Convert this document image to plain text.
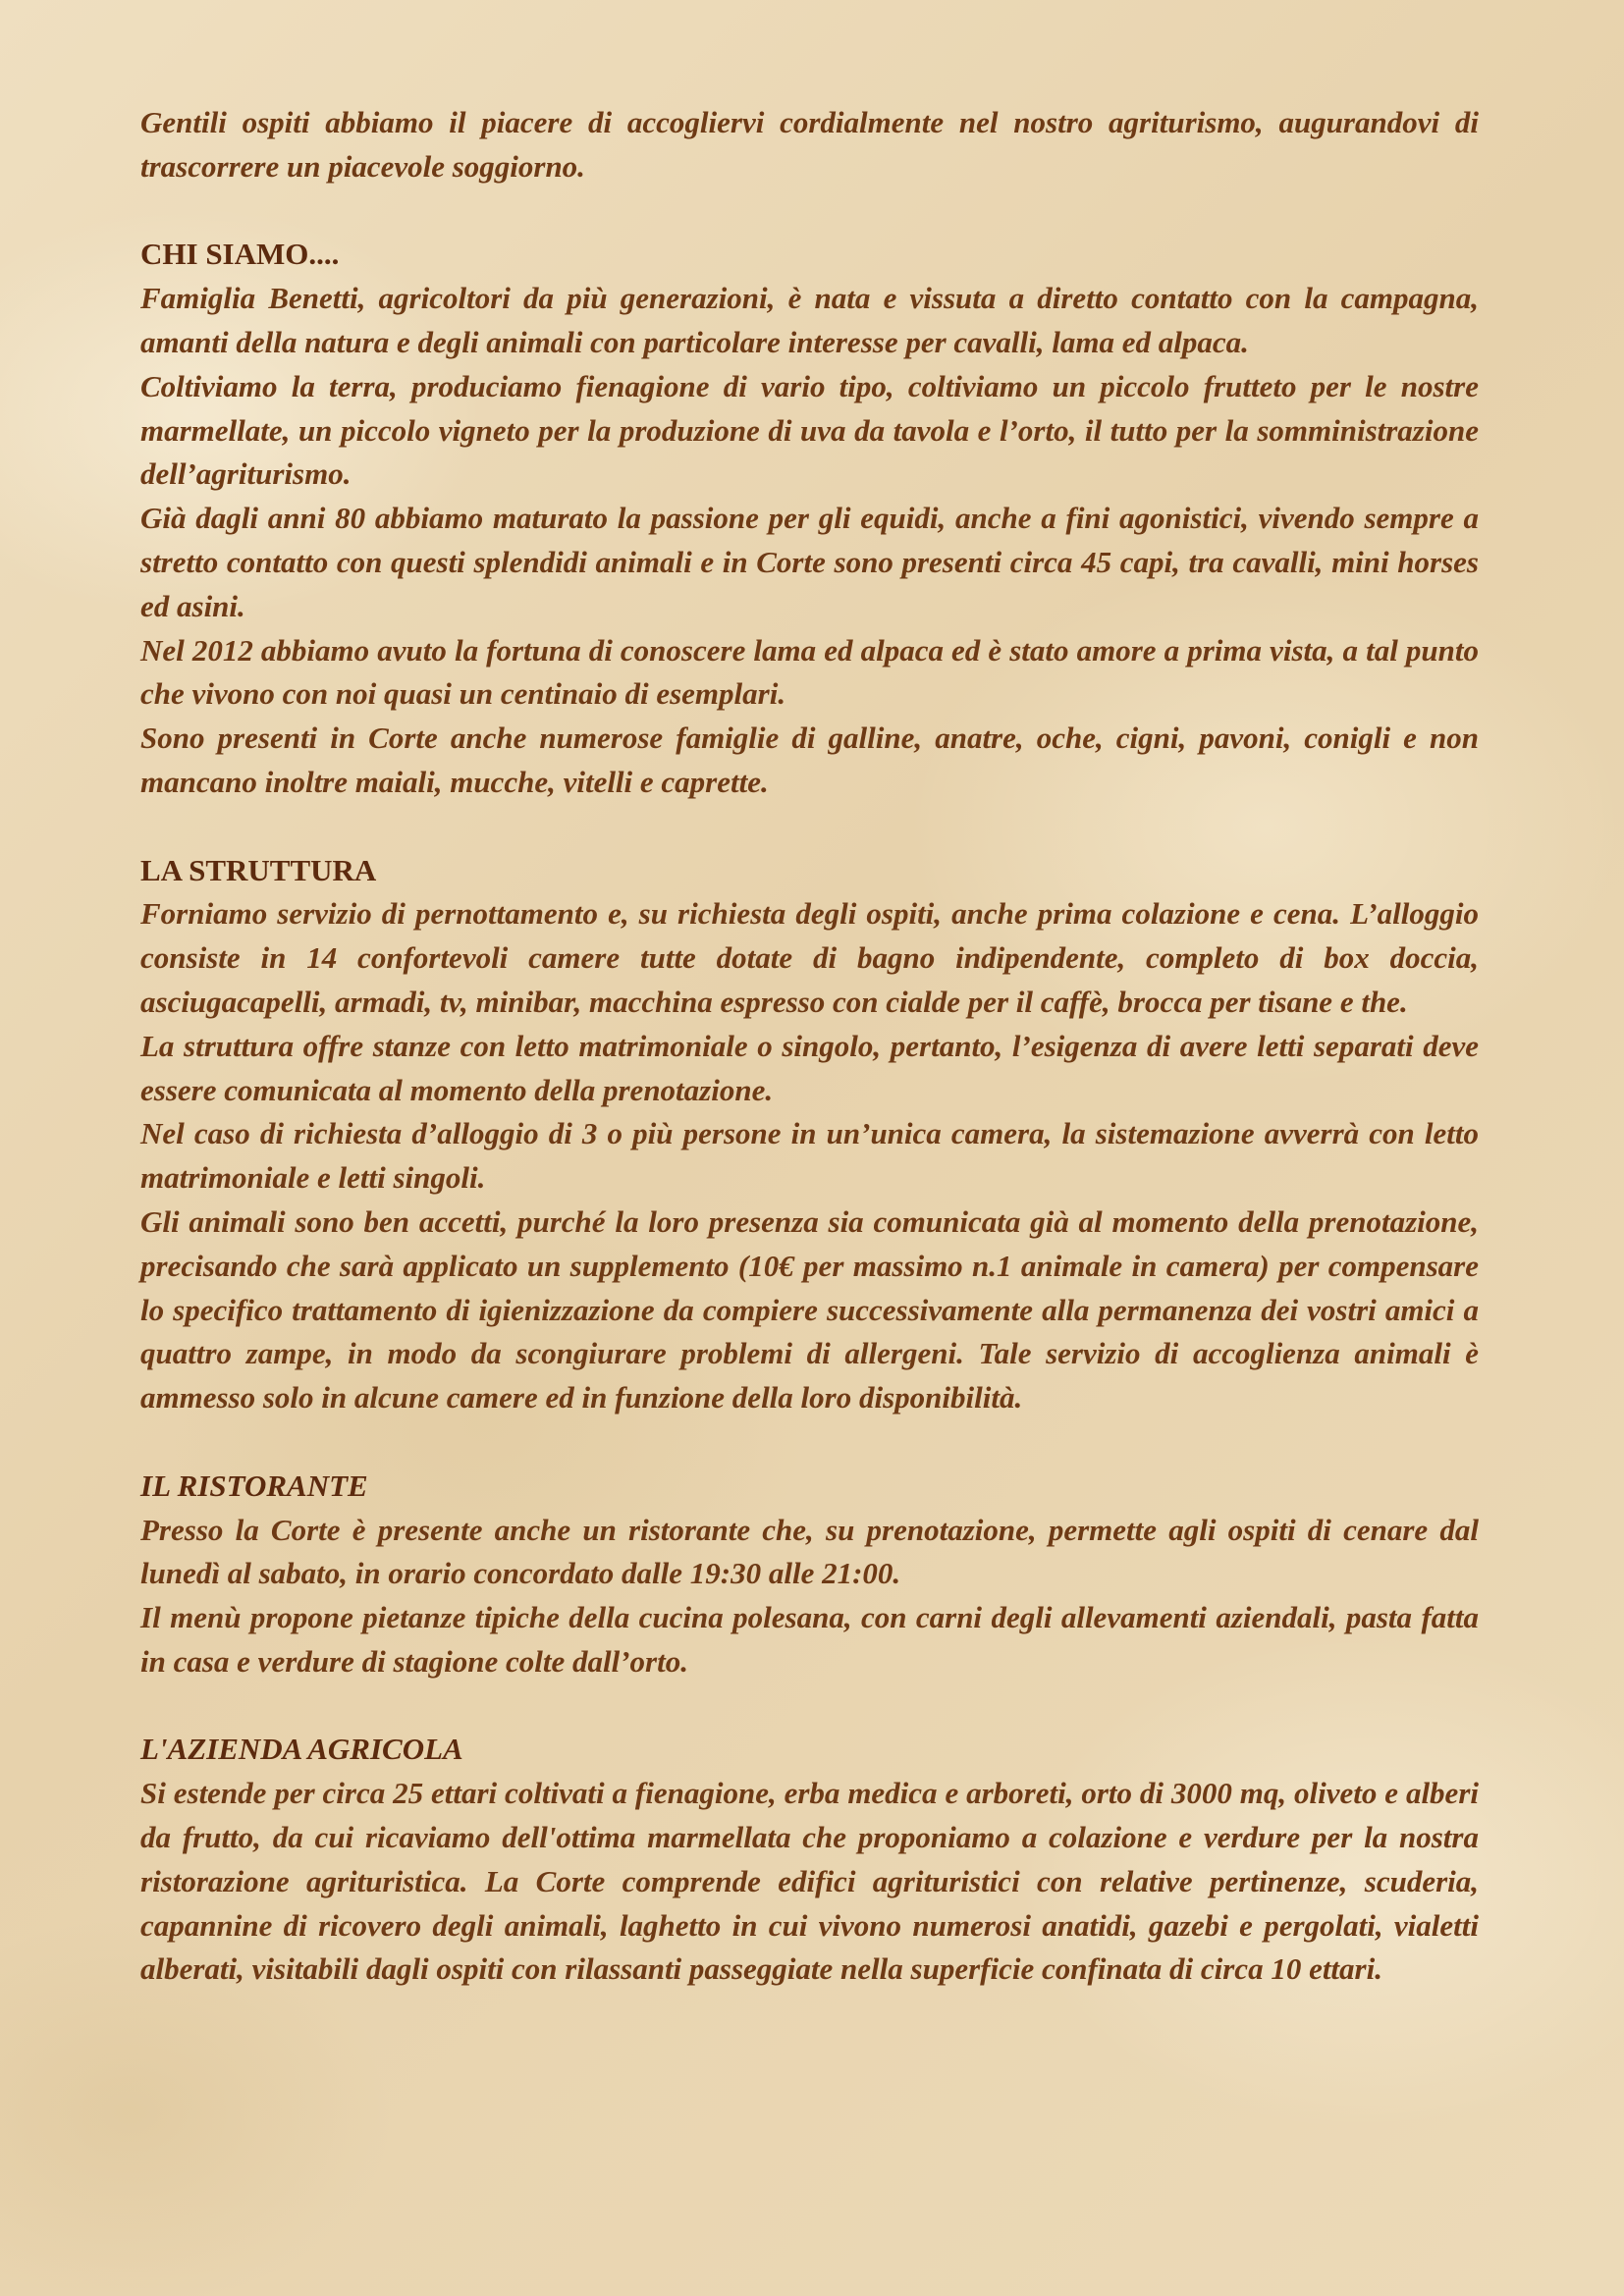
Gentili ospiti abbiamo il piacere di accogliervi cordialmente nel nostro agriturismo, augurandovi di trascorrere un piacevole soggiorno.

CHI SIAMO....

Famiglia Benetti, agricoltori da più generazioni, è nata e vissuta a diretto contatto con la campagna, amanti della natura e degli animali con particolare interesse per cavalli, lama ed alpaca.

Coltiviamo la terra, produciamo fienagione di vario tipo, coltiviamo un piccolo frutteto per le nostre marmellate, un piccolo vigneto per la produzione di uva da tavola e l’orto, il tutto per la somministrazione dell’agriturismo.

Già dagli anni 80 abbiamo maturato la passione per gli equidi, anche a fini agonistici, vivendo sempre a stretto contatto con questi splendidi animali e in Corte sono presenti circa 45 capi, tra cavalli, mini horses ed asini.

Nel 2012 abbiamo avuto la fortuna di conoscere lama ed alpaca ed è stato amore a prima vista, a tal punto che vivono con noi quasi un centinaio di esemplari.

Sono presenti in Corte anche numerose famiglie di galline, anatre, oche, cigni, pavoni, conigli e non mancano inoltre maiali, mucche, vitelli e caprette.

LA STRUTTURA

Forniamo servizio di pernottamento e, su richiesta degli ospiti, anche prima colazione e cena. L’alloggio consiste in 14 confortevoli camere tutte dotate di bagno indipendente, completo di box doccia, asciugacapelli, armadi, tv, minibar, macchina espresso con cialde per il caffè, brocca per tisane e the.

La struttura offre stanze con letto matrimoniale o singolo, pertanto, l’esigenza di avere letti separati deve essere comunicata al momento della prenotazione.

Nel caso di richiesta d’alloggio di 3 o più persone in un’unica camera, la sistemazione avverrà con letto matrimoniale e letti singoli.

Gli animali sono ben accetti, purché la loro presenza sia comunicata già al momento della prenotazione, precisando che sarà applicato un supplemento (10€ per massimo n.1 animale in camera) per compensare lo specifico trattamento di igienizzazione da compiere successivamente alla permanenza dei vostri amici a quattro zampe, in modo da scongiurare problemi di allergeni. Tale servizio di accoglienza animali è ammesso solo in alcune camere ed in funzione della loro disponibilità.

IL RISTORANTE

Presso la Corte è presente anche un ristorante che, su prenotazione, permette agli ospiti di cenare dal lunedì al sabato, in orario concordato dalle 19:30 alle 21:00.

Il menù propone pietanze tipiche della cucina polesana, con carni degli allevamenti aziendali, pasta fatta in casa e verdure di stagione colte dall’orto.

L'AZIENDA AGRICOLA

Si estende per circa 25 ettari coltivati a fienagione, erba medica e arboreti, orto di 3000 mq, oliveto e alberi da frutto, da cui ricaviamo dell'ottima marmellata che proponiamo a colazione e verdure per la nostra ristorazione agrituristica. La Corte comprende edifici agrituristici con relative pertinenze, scuderia, capannine di ricovero degli animali, laghetto in cui vivono numerosi anatidi, gazebi e pergolati, vialetti alberati, visitabili dagli ospiti con rilassanti passeggiate nella superficie confinata di circa 10 ettari.
